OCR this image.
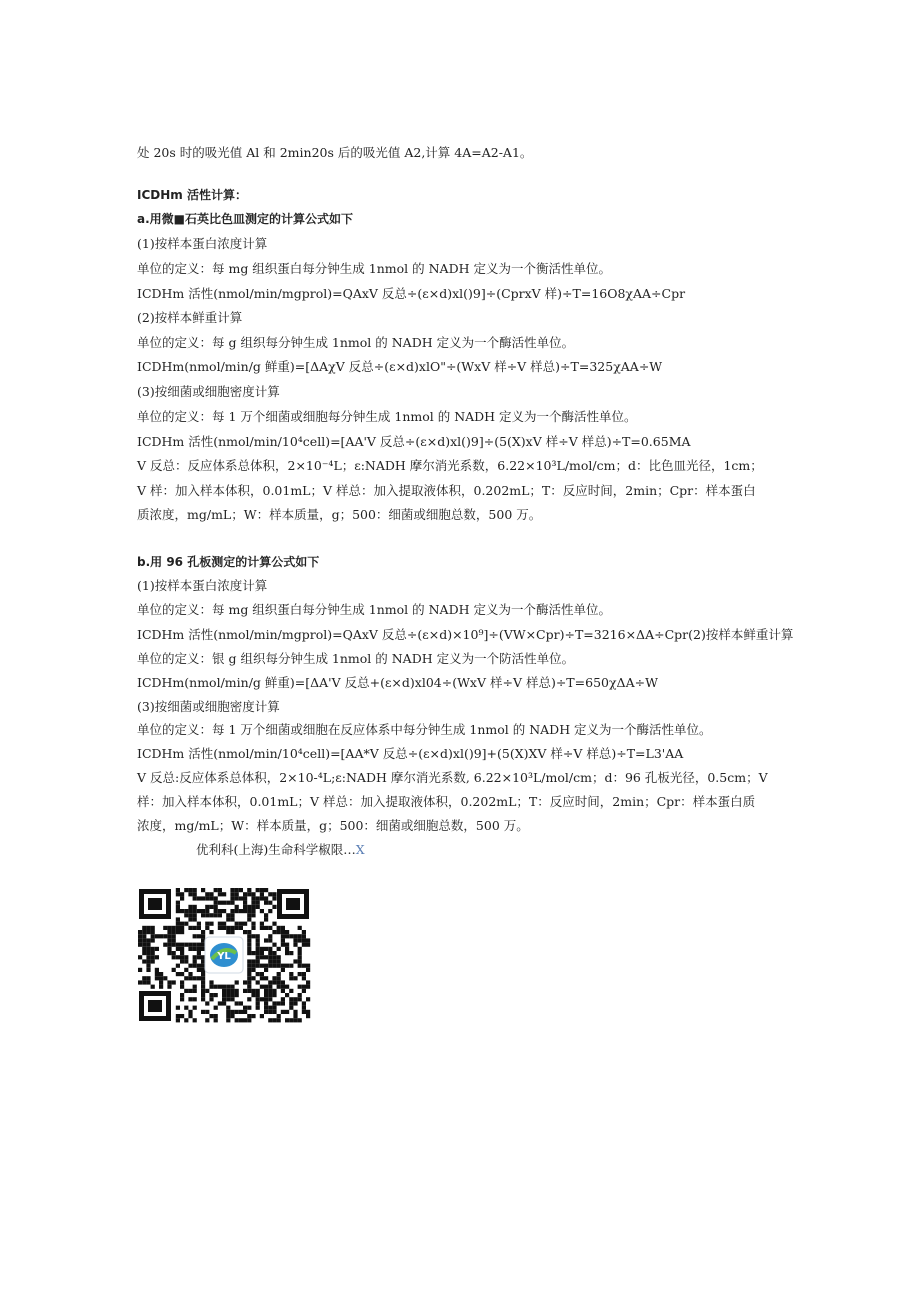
处 20s 时的吸光值 Al 和 2min20s 后的吸光值 A2,计算 4A=A2-A1。
ICDHm 活性计算：
a.用微■石英比色皿测定的计算公式如下
(1)按样本蛋白浓度计算
单位的定义：每 mg 组织蛋白每分钟生成 1nmol 的 NADH 定义为一个衡活性单位。
ICDHm 活性(nmol/min/mgprol)=QAxV 反总÷(ε×d)xl()9]÷(CprxV 样)÷T=16O8χAA÷Cpr
(2)按样本鲜重计算
单位的定义：每 g 组织每分钟生成 1nmol 的 NADH 定义为一个酶活性单位。
ICDHm(nmol/min/g 鲜重)=[ΔAχV 反总÷(ε×d)xlO"÷(WxV 样÷V 样总)÷T=325χAA÷W
(3)按细菌或细胞密度计算
单位的定义：每 1 万个细菌或细胞每分钟生成 1nmol 的 NADH 定义为一个酶活性单位。
ICDHm 活性(nmol/min/10⁴cell)=[AA'V 反总÷(ε×d)xl()9]÷(5(X)xV 样÷V 样总)÷T=0.65MA
V 反总：反应体系总体积，2×10⁻⁴L；ε:NADH 摩尔消光系数，6.22×10³L/mol/cm；d：比色皿光径，1cm；
V 样：加入样本体积，0.01mL；V 样总：加入提取液体积，0.202mL；T：反应时间，2min；Cpr：样本蛋白
质浓度，mg/mL；W：样本质量，g；500：细菌或细胞总数，500 万。
b.用 96 孔板测定的计算公式如下
(1)按样本蛋白浓度计算
单位的定义：每 mg 组织蛋白每分钟生成 1nmol 的 NADH 定义为一个酶活性单位。
ICDHm 活性(nmol/min/mgprol)=QAxV 反总÷(ε×d)×10⁹]÷(VW×Cpr)÷T=3216×ΔA÷Cpr(2)按样本鲜重计算
单位的定义：银 g 组织每分钟生成 1nmol 的 NADH 定义为一个防活性单位。
ICDHm(nmol/min/g 鲜重)=[ΔA'V 反总+(ε×d)xl04÷(WxV 样÷V 样总)÷T=650χΔA÷W
(3)按细菌或细胞密度计算
单位的定义：每 1 万个细菌或细胞在反应体系中每分钟生成 1nmol 的 NADH 定义为一个酶活性单位。
ICDHm 活性(nmol/min/10⁴cell)=[AA*V 反总÷(ε×d)xl()9]+(5(X)XV 样÷V 样总)÷T=L3'AA
V 反总:反应体系总体积，2×10-⁴L;ε:NADH 摩尔消光系数, 6.22×10³L/mol/cm；d：96 孔板光径，0.5cm；V
样：加入样本体积，0.01mL；V 样总：加入提取液体积，0.202mL；T：反应时间，2min；Cpr：样本蛋白质
浓度，mg/mL；W：样本质量，g；500：细菌或细胞总数，500 万。
优利科(上海)生命科学椒限…X
YL
